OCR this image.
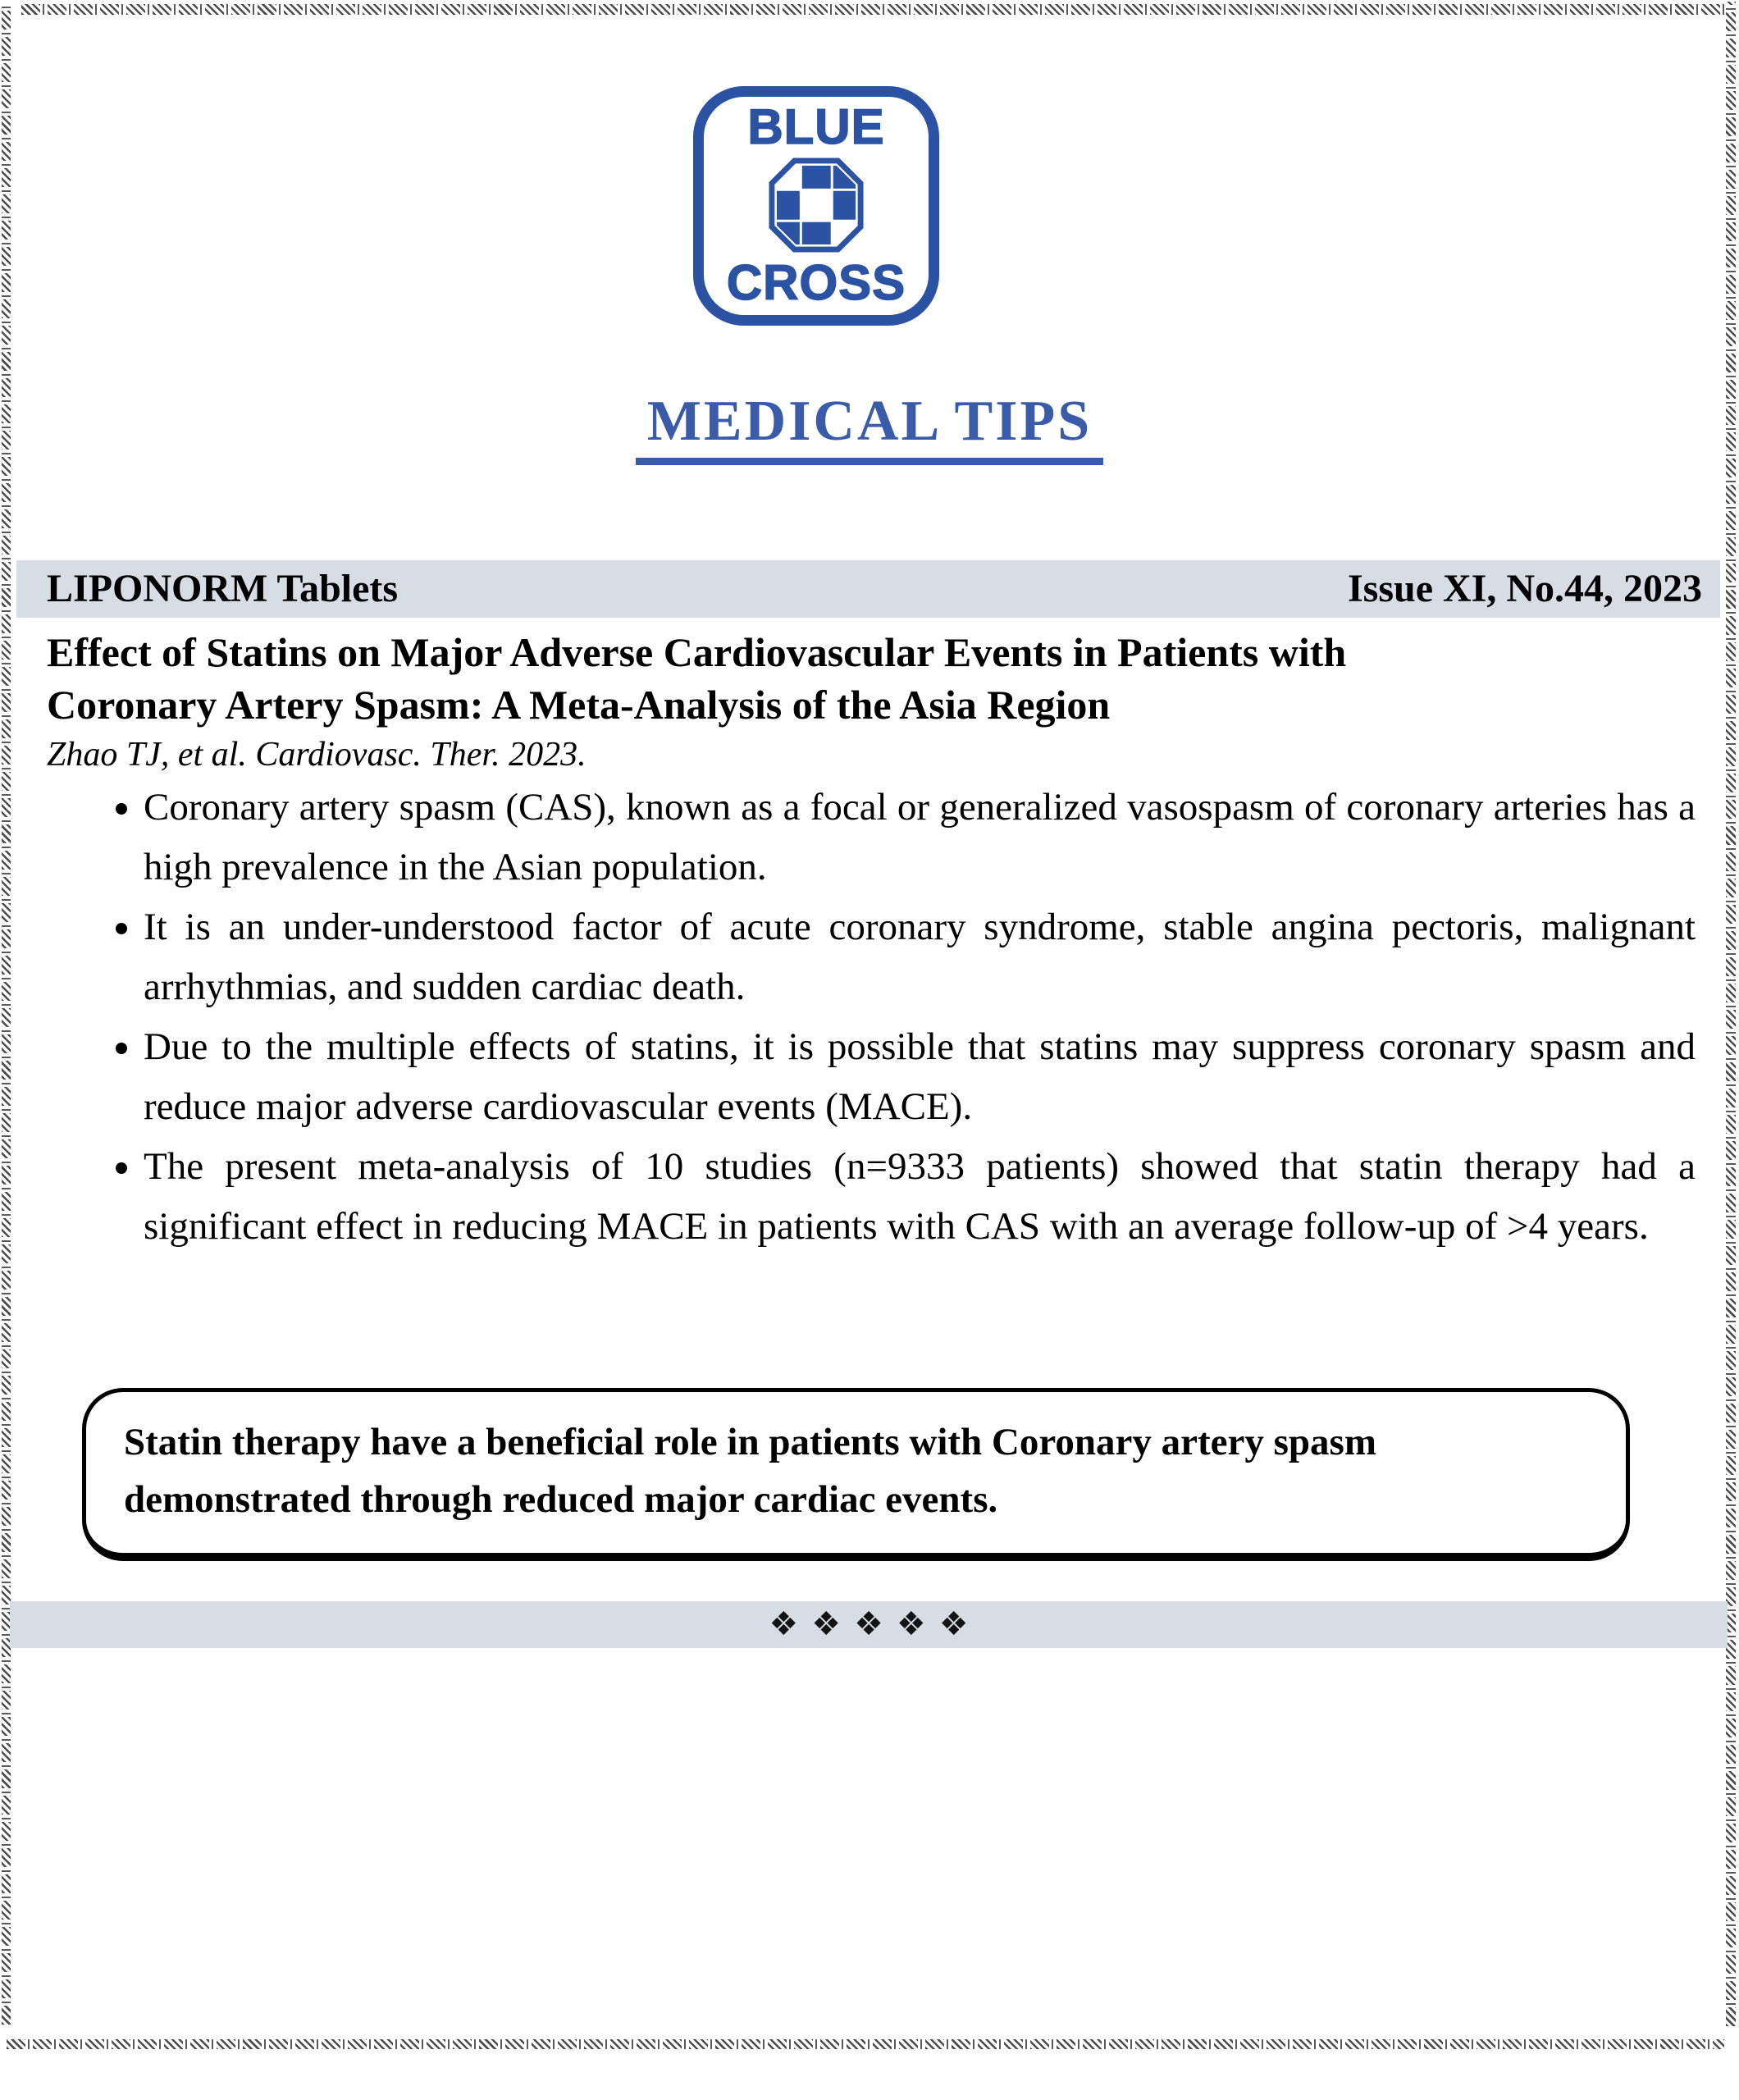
BLUE
CROSS
MEDICAL TIPS
LIPONORM Tablets	Issue XI, No.44, 2023
Effect of Statins on Major Adverse Cardiovascular Events in Patients with
Coronary Artery Spasm: A Meta-Analysis of the Asia Region

Zhao TJ, et al. Cardiovasc. Ther. 2023.

• Coronary artery spasm (CAS), known as a focal or generalized vasospasm of coronary arteries has a high prevalence in the Asian population.
• It is an under-understood factor of acute coronary syndrome, stable angina pectoris, malignant arrhythmias, and sudden cardiac death.
• Due to the multiple effects of statins, it is possible that statins may suppress coronary spasm and reduce major adverse cardiovascular events (MACE).
• The present meta-analysis of 10 studies (n=9333 patients) showed that statin therapy had a significant effect in reducing MACE in patients with CAS with an average follow-up of >4 years.
Statin therapy have a beneficial role in patients with Coronary artery spasm
demonstrated through reduced major cardiac events.
❖❖❖❖❖
